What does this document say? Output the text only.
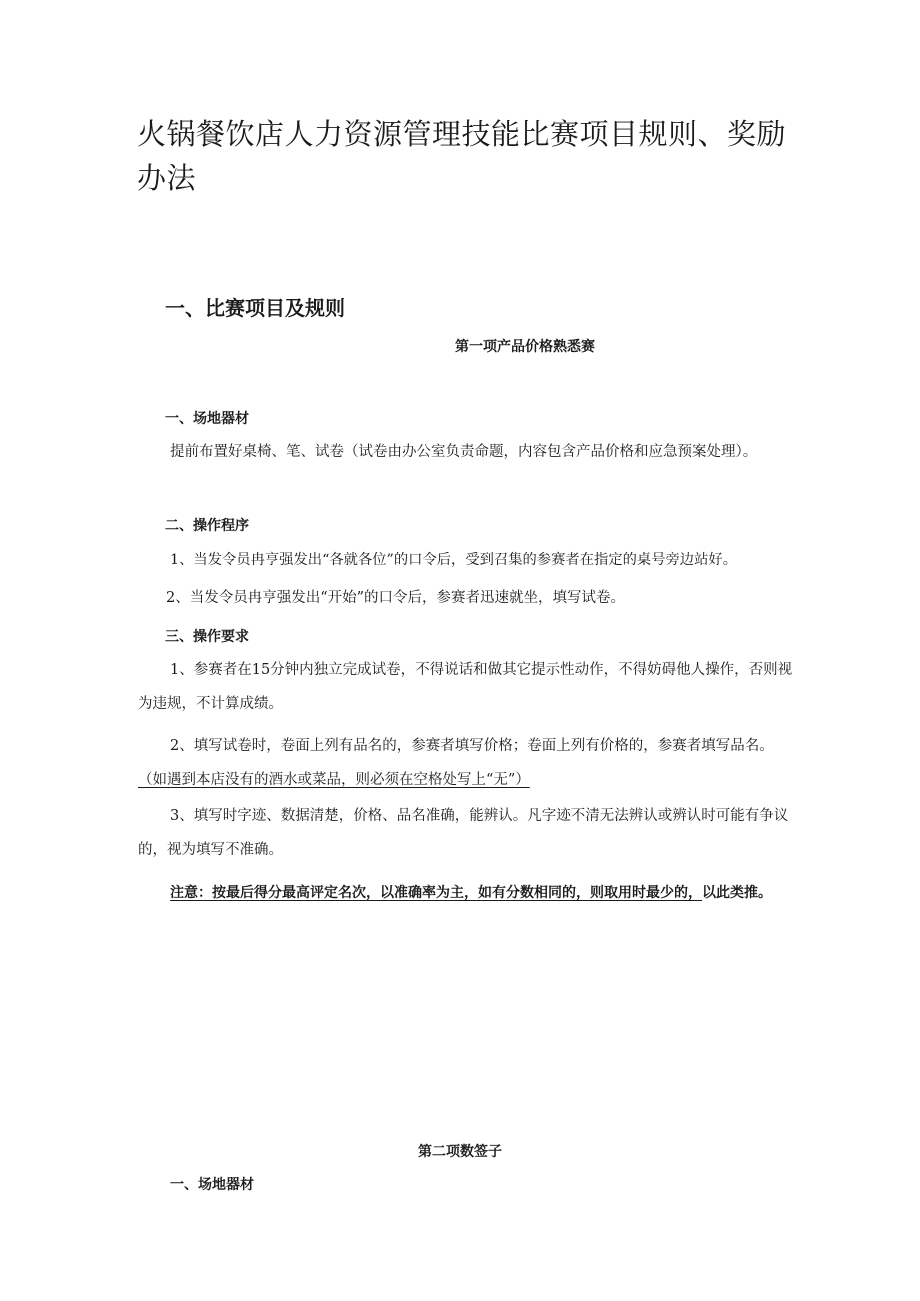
火锅餐饮店人力资源管理技能比赛项目规则、奖励办法
一、比赛项目及规则
第一项产品价格熟悉赛
一、场地器材
提前布置好桌椅、笔、试卷（试卷由办公室负责命题，内容包含产品价格和应急预案处理）。
二、操作程序
1、当发令员冉亨强发出“各就各位”的口令后，受到召集的参赛者在指定的桌号旁边站好。
2、当发令员冉亨强发出“开始”的口令后，参赛者迅速就坐，填写试卷。
三、操作要求
1、参赛者在15分钟内独立完成试卷，不得说话和做其它提示性动作，不得妨碍他人操作，否则视为违规，不计算成绩。
2、填写试卷时，卷面上列有品名的，参赛者填写价格；卷面上列有价格的，参赛者填写品名。（如遇到本店没有的酒水或菜品，则必须在空格处写上“无”）
3、填写时字迹、数据清楚，价格、品名准确，能辨认。凡字迹不清无法辨认或辨认时可能有争议的，视为填写不准确。
注意：按最后得分最高评定名次，以准确率为主，如有分数相同的，则取用时最少的，以此类推。
第二项数签子
一、场地器材
